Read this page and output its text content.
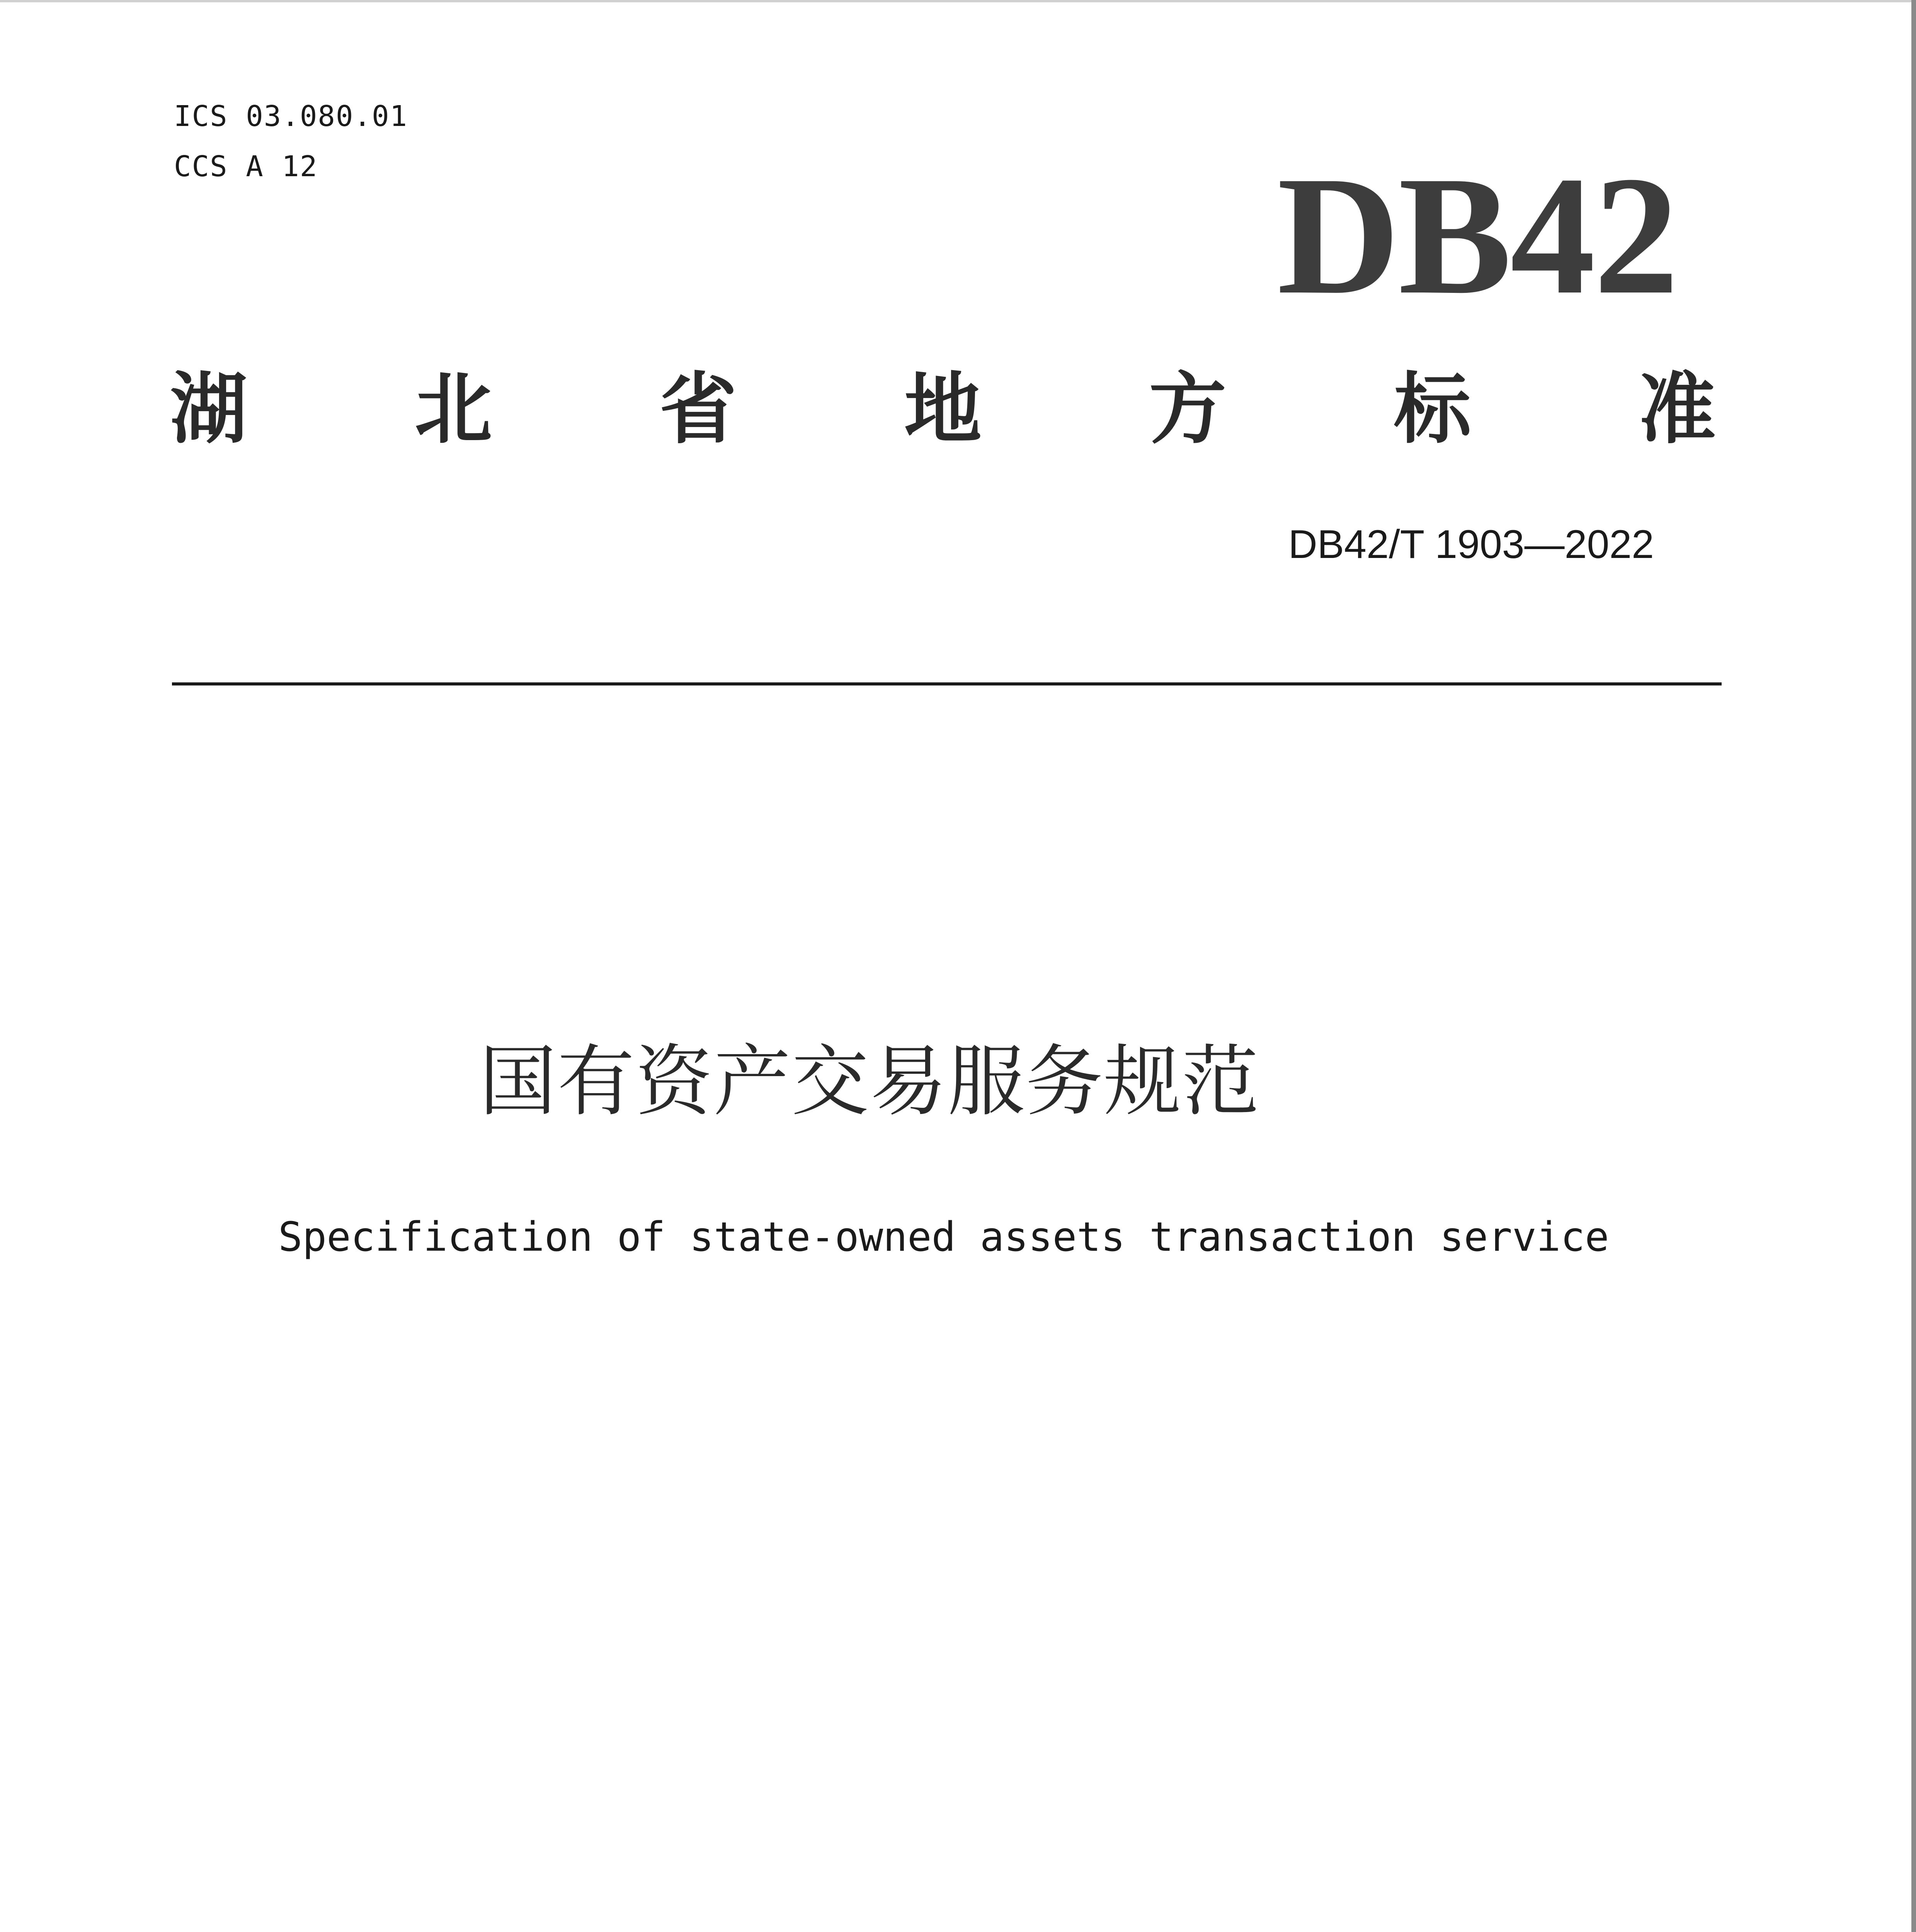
ICS 03.080.01
CCS A 12	DB42
湖 北 省 地 方 标 准
DB42/T 1903—2022
国有资产交易服务规范
Specification of state-owned assets transaction service
